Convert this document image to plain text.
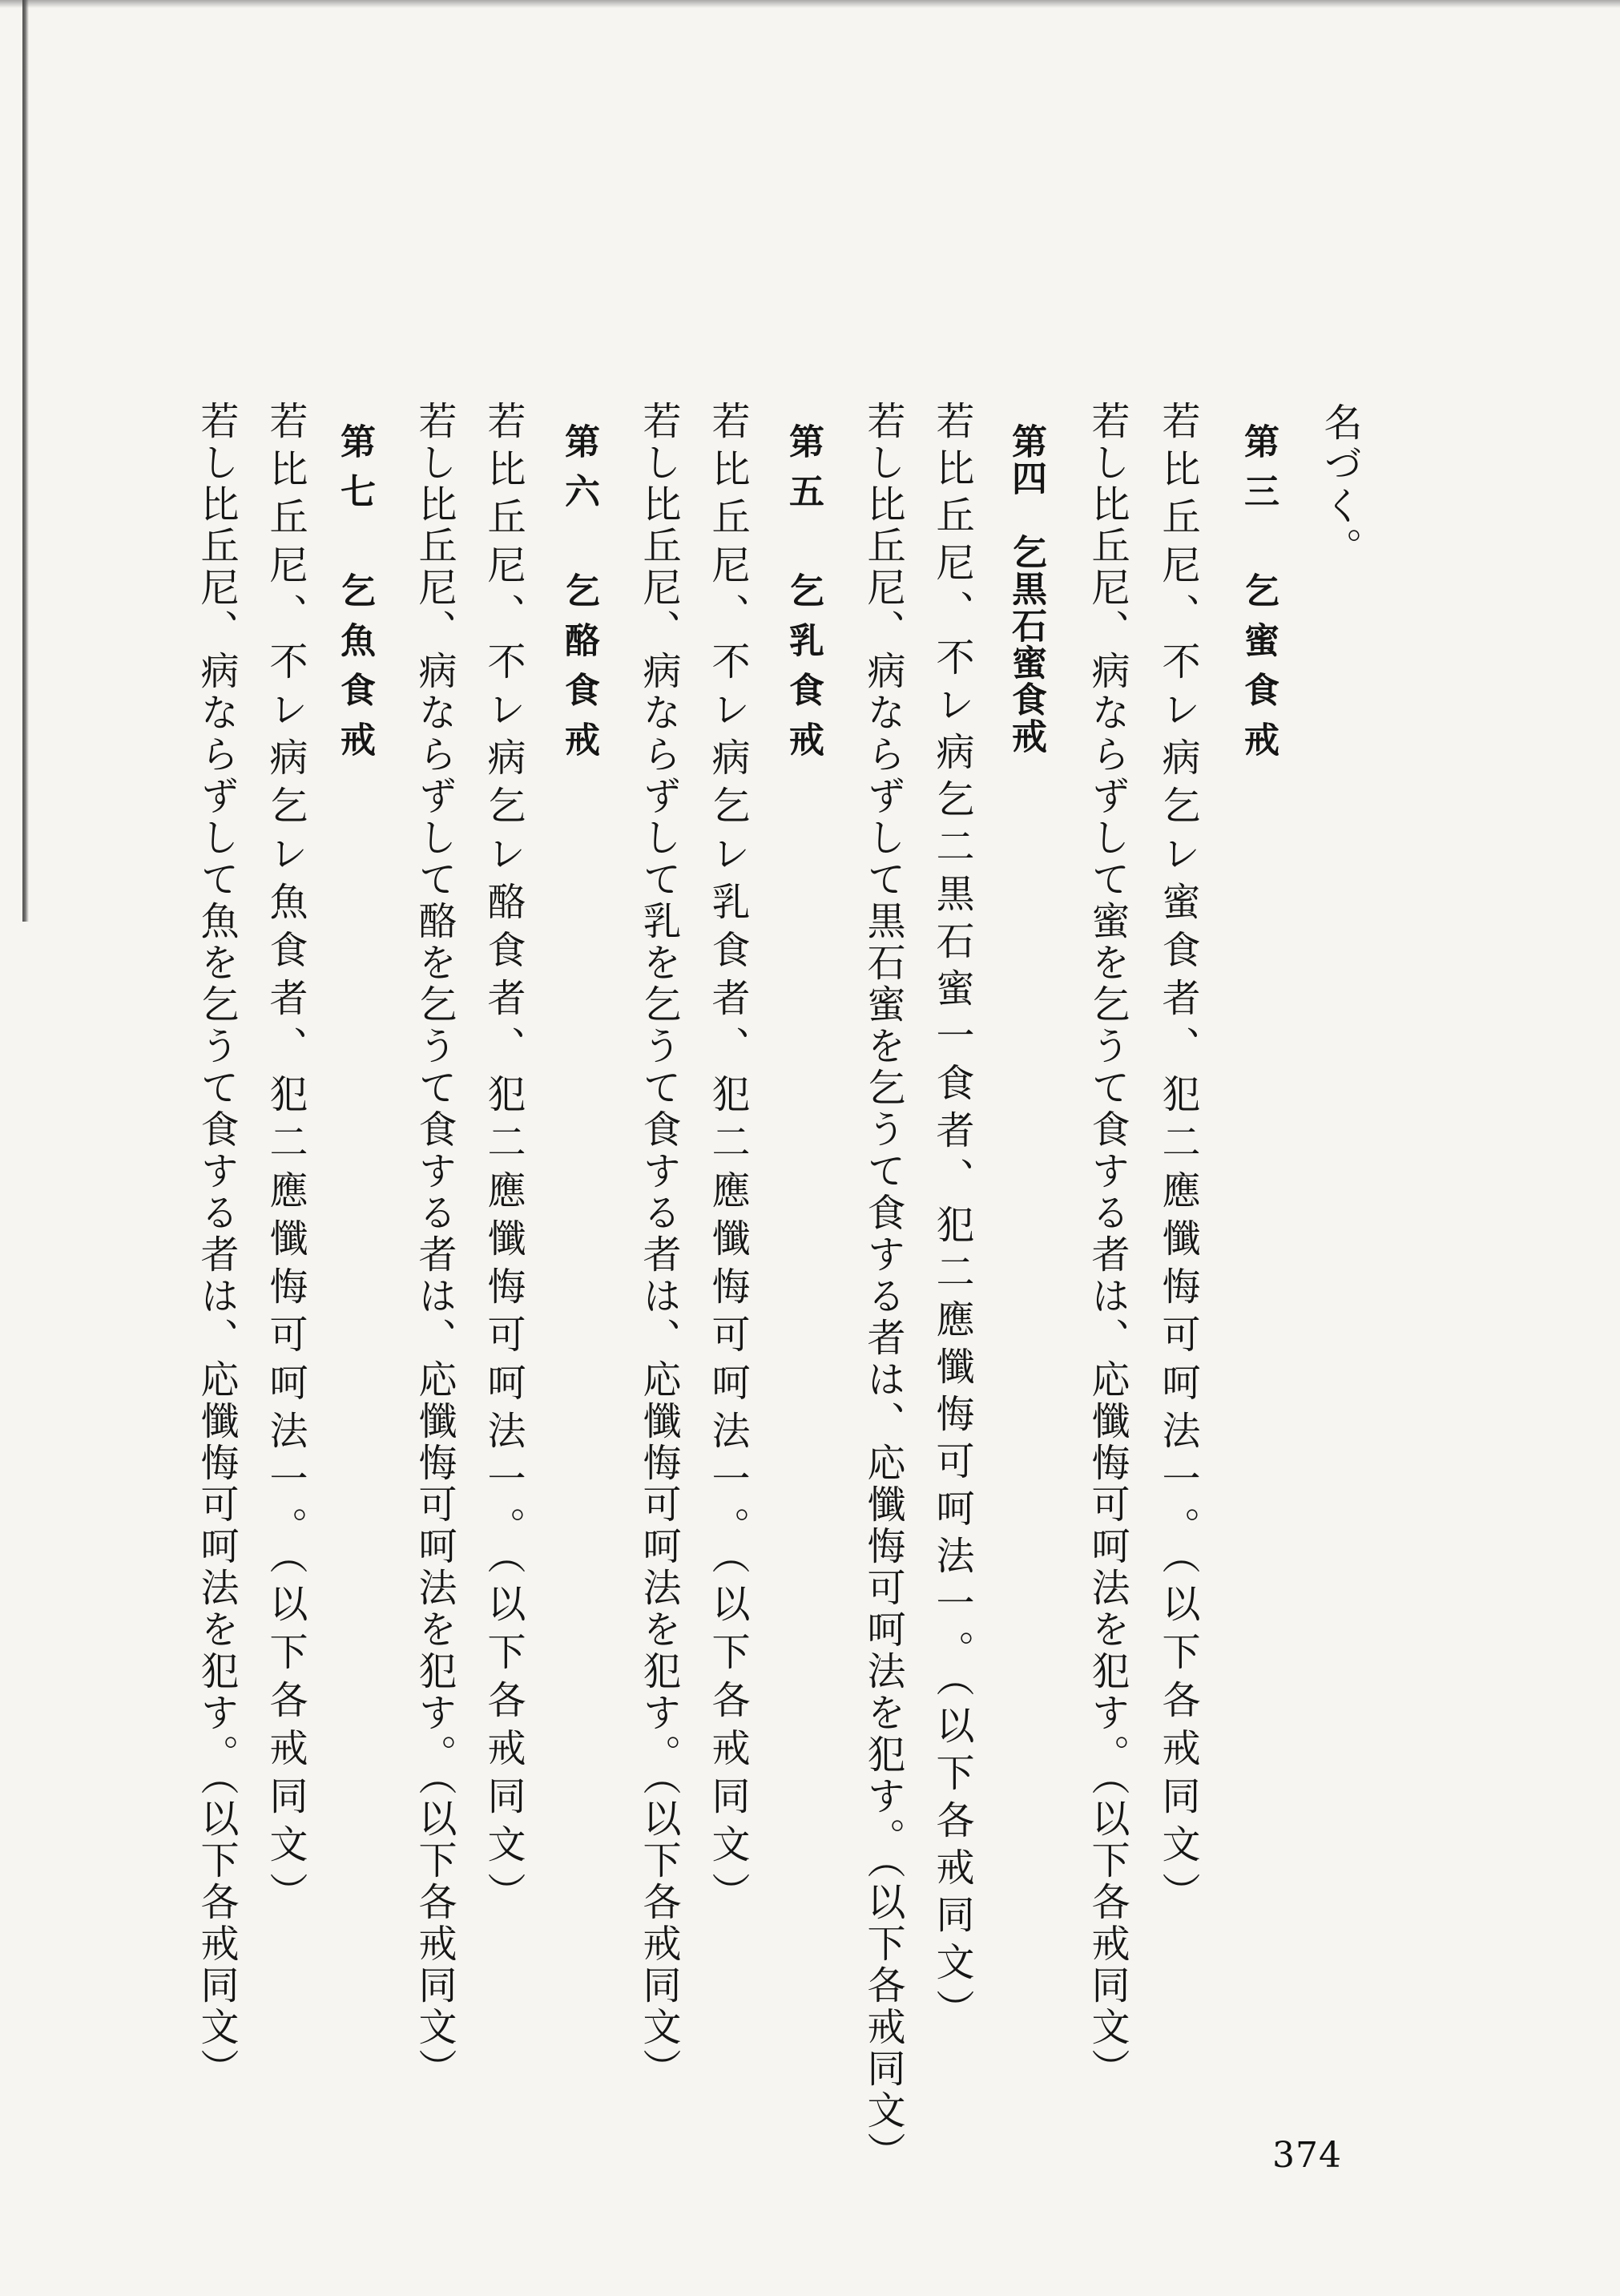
名づく。
第三　乞蜜食戒
若比丘尼、不レ病乞レ蜜食者、犯二應懺悔可呵法一。（以下各戒同文）
若し比丘尼、病ならずして蜜を乞うて食する者は、応懺悔可呵法を犯す。（以下各戒同文）
第四　乞黒石蜜食戒
若比丘尼、不レ病乞二黒石蜜一食者、犯二應懺悔可呵法一。（以下各戒同文）
若し比丘尼、病ならずして黒石蜜を乞うて食する者は、応懺悔可呵法を犯す。（以下各戒同文）
第五　乞乳食戒
若比丘尼、不レ病乞レ乳食者、犯二應懺悔可呵法一。（以下各戒同文）
若し比丘尼、病ならずして乳を乞うて食する者は、応懺悔可呵法を犯す。（以下各戒同文）
第六　乞酪食戒
若比丘尼、不レ病乞レ酪食者、犯二應懺悔可呵法一。（以下各戒同文）
若し比丘尼、病ならずして酪を乞うて食する者は、応懺悔可呵法を犯す。（以下各戒同文）
第七　乞魚食戒
若比丘尼、不レ病乞レ魚食者、犯二應懺悔可呵法一。（以下各戒同文）
若し比丘尼、病ならずして魚を乞うて食する者は、応懺悔可呵法を犯す。（以下各戒同文）
374
